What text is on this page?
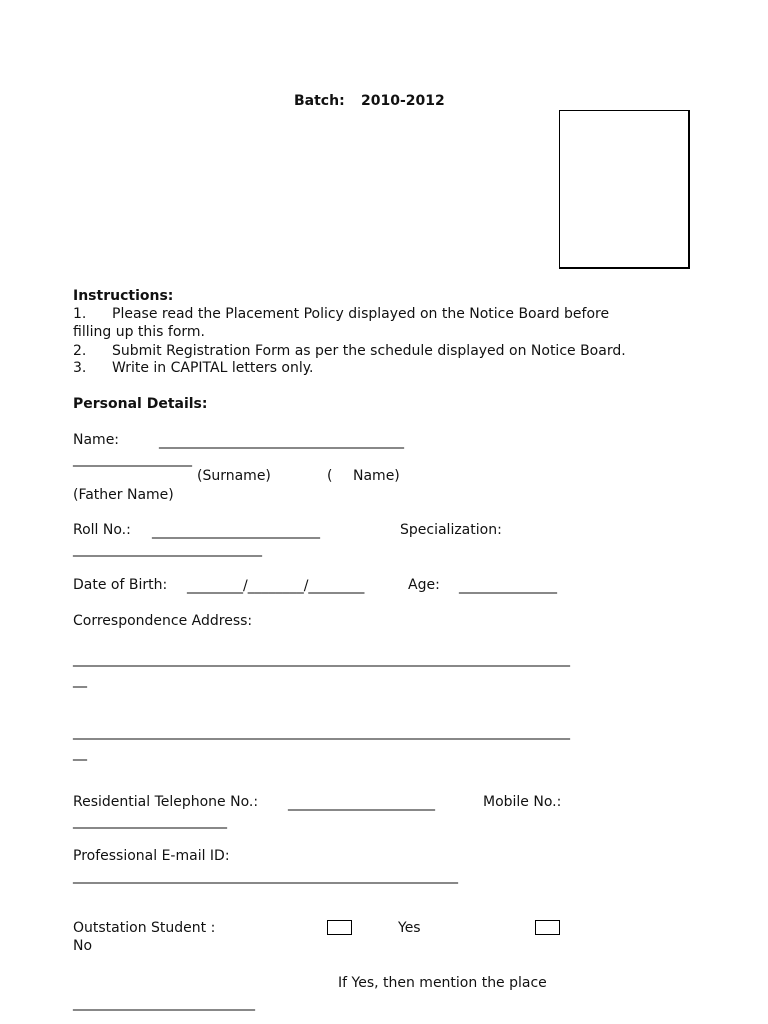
Batch: 2010-2012
Instructions:
1. Please read the Placement Policy displayed on the Notice Board before
filling up this form.
2. Submit Registration Form as per the schedule displayed on Notice Board.
3. Write in CAPITAL letters only.
Personal Details:
Name:	___________________________________
_________________
(Surname)	( Name)
(Father Name)
Roll No.: ________________________	Specialization:
___________________________
Date of Birth: ________/________/________	Age: ______________
Correspondence Address:
_______________________________________________________________________
__
_______________________________________________________________________
__
Residential Telephone No.: _____________________	Mobile No.:
______________________
Professional E-mail ID:
_______________________________________________________
Outstation Student :	Yes
No
If Yes, then mention the place
__________________________
